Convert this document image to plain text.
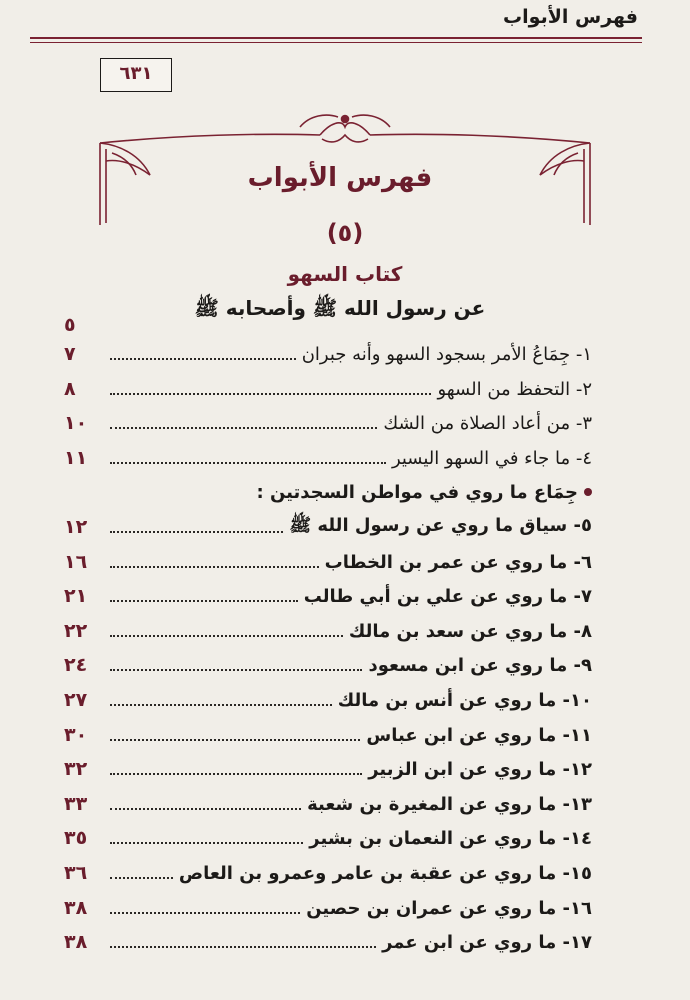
فهرس الأبواب
٦٣١
فهرس الأبواب
(٥)
كتاب السهو
عن رسول الله ﷺ وأصحابه ﷺ
٥
١- جِمَاعُ الأمر بسجود السهو وأنه جبران
٧
٢- التحفظ من السهو
٨
٣- من أعاد الصلاة من الشك
١٠
٤- ما جاء في السهو اليسير
١١
جِمَاع ما روي في مواطن السجدتين :
٥- سياق ما روي عن رسول الله ﷺ
١٢
٦- ما روي عن عمر بن الخطاب
١٦
٧- ما روي عن علي بن أبي طالب
٢١
٨- ما روي عن سعد بن مالك
٢٢
٩- ما روي عن ابن مسعود
٢٤
١٠- ما روي عن أنس بن مالك
٢٧
١١- ما روي عن ابن عباس
٣٠
١٢- ما روي عن ابن الزبير
٣٢
١٣- ما روي عن المغيرة بن شعبة
٣٣
١٤- ما روي عن النعمان بن بشير
٣٥
١٥- ما روي عن عقبة بن عامر وعمرو بن العاص
٣٦
١٦- ما روي عن عمران بن حصين
٣٨
١٧- ما روي عن ابن عمر
٣٨
